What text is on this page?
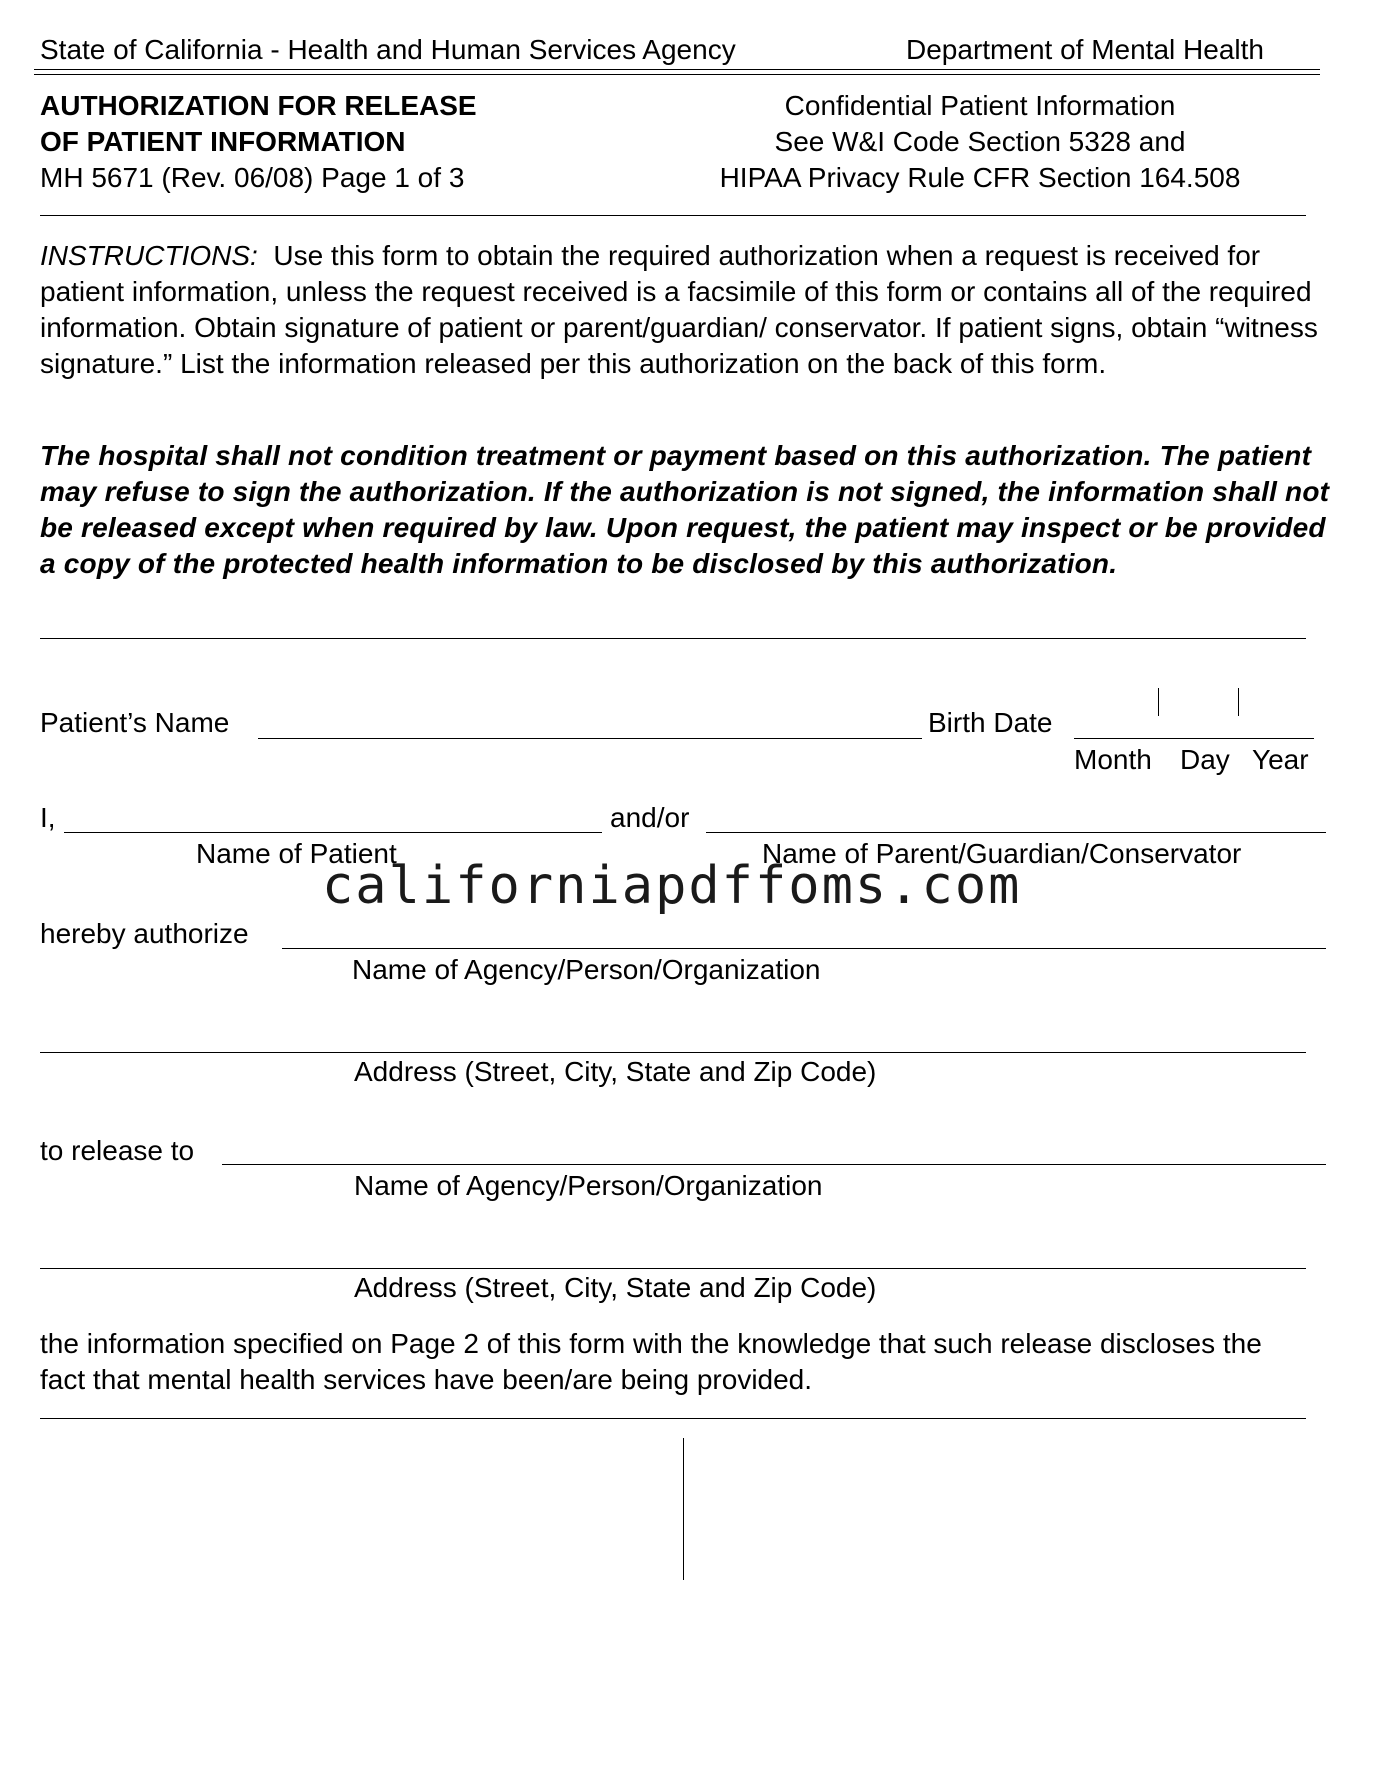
State of California - Health and Human Services Agency	Department of Mental Health
AUTHORIZATION FOR RELEASE
OF PATIENT INFORMATION
MH 5671 (Rev. 06/08) Page 1 of 3
Confidential Patient Information
See W&I Code Section 5328 and
HIPAA Privacy Rule CFR Section 164.508
INSTRUCTIONS: Use this form to obtain the required authorization when a request is received for patient information, unless the request received is a facsimile of this form or contains all of the required information. Obtain signature of patient or parent/guardian/ conservator. If patient signs, obtain “witness signature.” List the information released per this authorization on the back of this form.
The hospital shall not condition treatment or payment based on this authorization. The patient may refuse to sign the authorization. If the authorization is not signed, the information shall not be released except when required by law. Upon request, the patient may inspect or be provided a copy of the protected health information to be disclosed by this authorization.
Patient’s Name	Birth Date
Month Day Year
I,	and/or
Name of Patient	Name of Parent/Guardian/Conservator
californiapdffoms.com
hereby authorize
Name of Agency/Person/Organization
Address (Street, City, State and Zip Code)
to release to
Name of Agency/Person/Organization
Address (Street, City, State and Zip Code)
the information specified on Page 2 of this form with the knowledge that such release discloses the fact that mental health services have been/are being provided.
